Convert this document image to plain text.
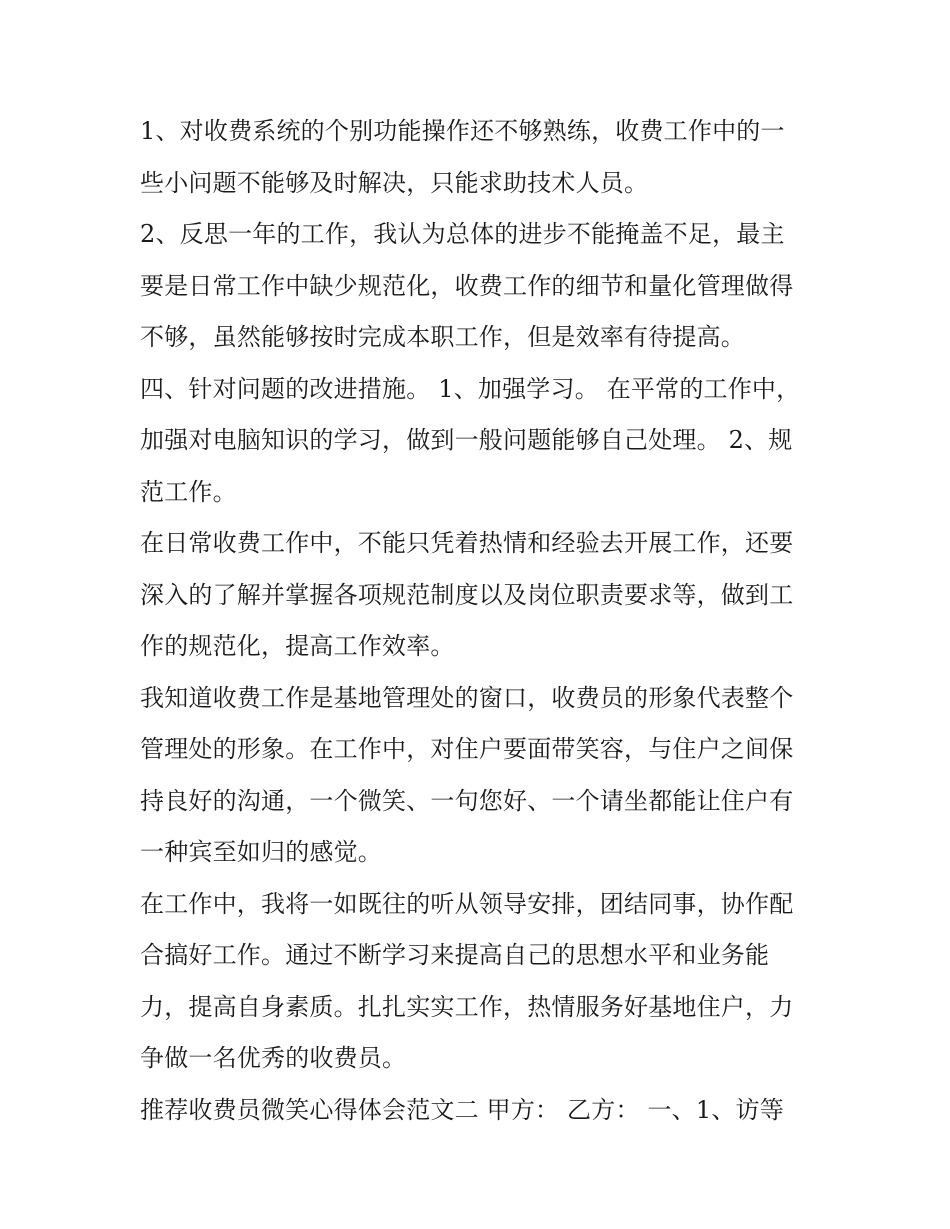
1、对收费系统的个别功能操作还不够熟练，收费工作中的一
些小问题不能够及时解决，只能求助技术人员。
2、反思一年的工作，我认为总体的进步不能掩盖不足，最主
要是日常工作中缺少规范化，收费工作的细节和量化管理做得
不够，虽然能够按时完成本职工作，但是效率有待提高。
四、针对问题的改进措施。 1、加强学习。 在平常的工作中，
加强对电脑知识的学习，做到一般问题能够自己处理。 2、规
范工作。
在日常收费工作中，不能只凭着热情和经验去开展工作，还要
深入的了解并掌握各项规范制度以及岗位职责要求等，做到工
作的规范化，提高工作效率。
我知道收费工作是基地管理处的窗口，收费员的形象代表整个
管理处的形象。在工作中，对住户要面带笑容，与住户之间保
持良好的沟通，一个微笑、一句您好、一个请坐都能让住户有
一种宾至如归的感觉。
在工作中，我将一如既往的听从领导安排，团结同事，协作配
合搞好工作。通过不断学习来提高自己的思想水平和业务能
力，提高自身素质。扎扎实实工作，热情服务好基地住户，力
争做一名优秀的收费员。
推荐收费员微笑心得体会范文二 甲方： 乙方： 一、1、访等
